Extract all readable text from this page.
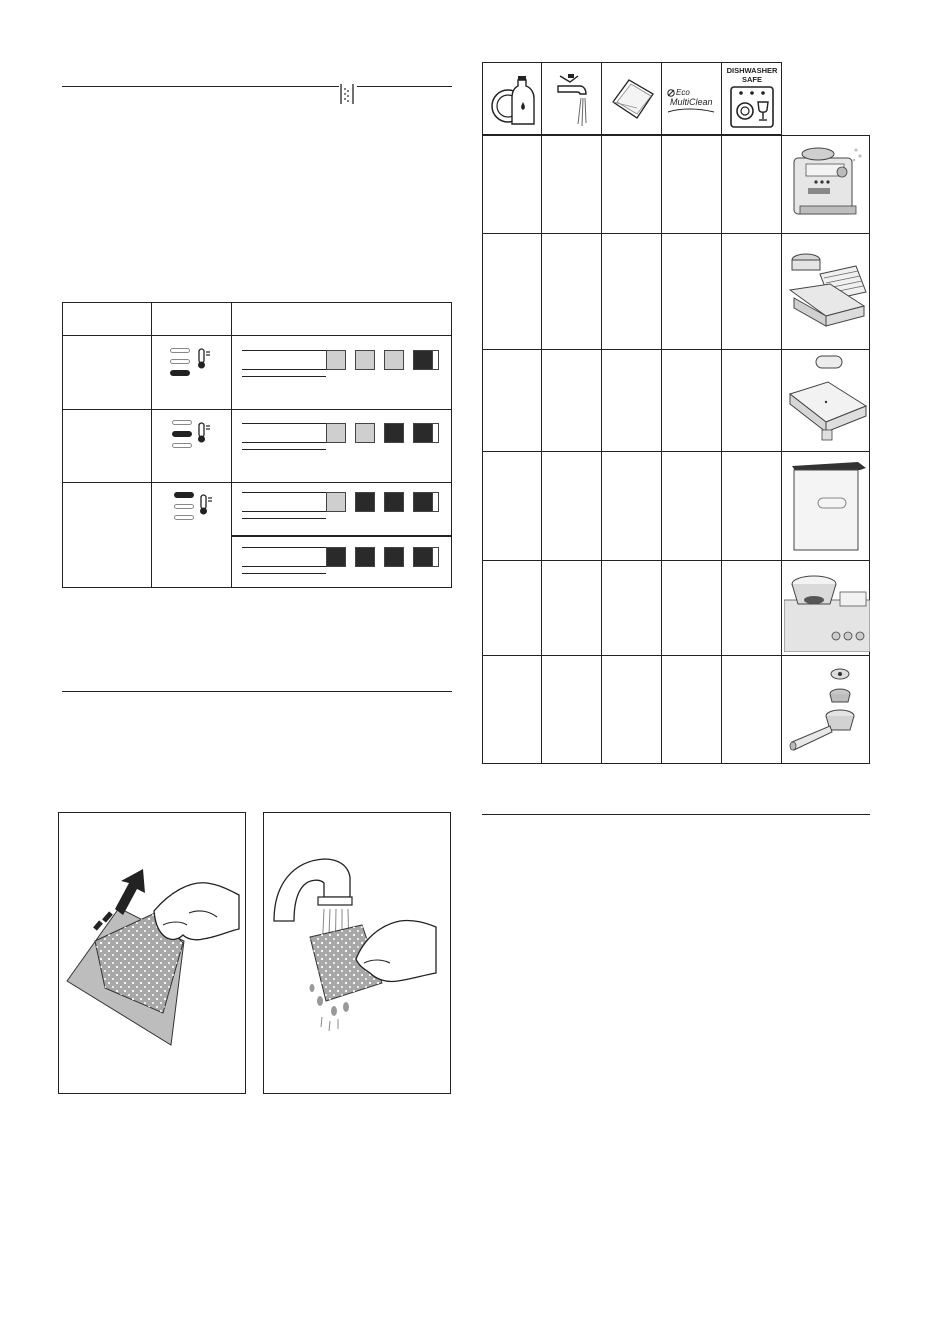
Eco
MultiClean
DISHWASHER
SAFE
